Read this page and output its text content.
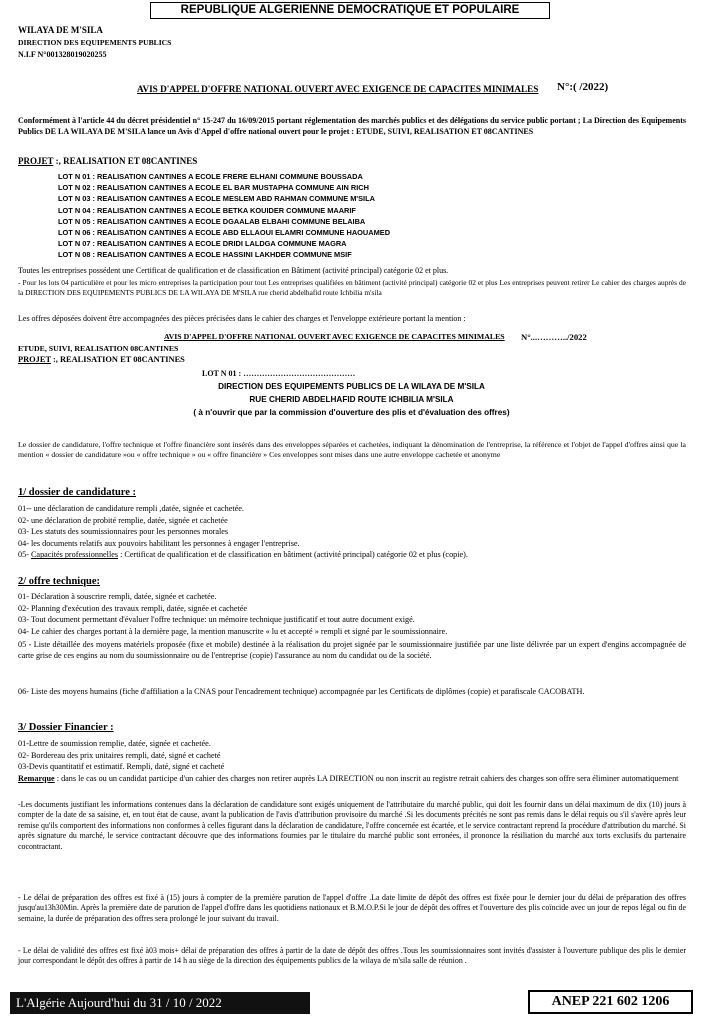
REPUBLIQUE ALGERIENNE DEMOCRATIQUE ET POPULAIRE
WILAYA DE M'SILA
DIRECTION DES EQUIPEMENTS PUBLICS
N.I.F N°001328019020255
AVIS D'APPEL D'OFFRE NATIONAL OUVERT AVEC EXIGENCE DE CAPACITES MINIMALES N°:( /2022)
Conformément à l'article 44 du décret présidentiel n° 15-247 du 16/09/2015 portant réglementation des marchés publics et des délégations du service public portant ; La Direction des Equipements Publics DE LA WILAYA DE M'SILA lance un Avis d'Appel d'offre national ouvert pour le projet : ETUDE, SUIVI, REALISATION ET 08CANTINES
PROJET :, REALISATION ET 08CANTINES
LOT N 01 : REALISATION CANTINES A ECOLE FRERE ELHANI COMMUNE BOUSSADA
LOT N 02 : REALISATION CANTINES A ECOLE EL BAR MUSTAPHA COMMUNE AIN RICH
LOT N 03 : REALISATION CANTINES A ECOLE MESLEM ABD RAHMAN COMMUNE M'SILA
LOT N 04 : REALISATION CANTINES A ECOLE BETKA KOUIDER COMMUNE MAARIF
LOT N 05 : REALISATION CANTINES A ECOLE DGAALAB ELBAHI COMMUNE BELAIBA
LOT N 06 : REALISATION CANTINES A ECOLE ABD ELLAOUI ELAMRI COMMUNE HAOUAMED
LOT N 07 : REALISATION CANTINES A ECOLE DRIDI LALDGA COMMUNE MAGRA
LOT N 08 : REALISATION CANTINES A ECOLE HASSINI LAKHDER COMMUNE MSIF
Toutes les entreprises possédent une Certificat de qualification et de classification en Bâtiment (activité principal) catégorie 02 et plus.
- Pour les lots 04 particulière et pour les micro entreprises la participation pour tout Les entreprises qualifiées en bâtiment (activité principal) catégorie 02 et plus Les entreprises peuvent retirer Le cahier des charges auprès de la DIRECTION DES EQUIPEMENTS PUBLICS DE LA WILAYA DE M'SILA rue cherid abdelhafid route Ichbilia m'sila
Les offres déposées doivent être accompagnées des pièces précisées dans le cahier des charges et l'enveloppe extérieure portant la mention :
AVIS D'APPEL D'OFFRE NATIONAL OUVERT AVEC EXIGENCE DE CAPACITES MINIMALES N°...………../2022
ETUDE, SUIVI, REALISATION 08CANTINES
PROJET :, REALISATION ET 08CANTINES
LOT N 01 : ……………………………………
DIRECTION DES EQUIPEMENTS PUBLICS DE LA WILAYA DE M'SILA
RUE CHERID ABDELHAFID ROUTE ICHBILIA M'SILA
( à n'ouvrir que par la commission d'ouverture des plis et d'évaluation des offres)
Le dossier de candidature, l'offre technique et l'offre financière sont insérés dans des enveloppes séparées et cachetées, indiquant la dénomination de l'entreprise, la référence et l'objet de l'appel d'offres ainsi que la mention « dossier de candidature »ou « offre technique » ou « offre financière » Ces enveloppes sont mises dans une autre enveloppe cachetée et anonyme
1/ dossier de candidature :
01-- une déclaration de candidature rempli ,datée, signée et cachetée.
02- une déclaration de probité remplie, datée, signée et cachetée
03- Les statuts des soumissionnaires pour les personnes morales
04- les documents relatifs aux pouvoirs habilitant les personnes à engager l'entreprise.
05- Capacités professionnelles : Certificat de qualification et de classification en bâtiment (activité principal) catégorie 02 et plus (copie).
2/ offre technique:
01- Déclaration à souscrire rempli, datée, signée et cachetée.
02- Planning d'exécution des travaux rempli, datée, signée et cachetée
03- Tout document permettant d'évaluer l'offre technique: un mémoire technique justificatif et tout autre document exigé.
04- Le cahier des charges portant à la dernière page, la mention manuscrite « lu et accepté » rempli et signé par le soumissionnaire.
05 - Liste détaillée des moyens matériels proposée (fixe et mobile) destinée à la réalisation du projet signée par le soumissionnaire justifiée par une liste délivrée par un expert d'engins accompagnée de carte grise de ces engins au nom du soumissionnaire ou de l'entreprise (copie) l'assurance au nom du candidat ou de la société.
06- Liste des moyens humains (fiche d'affiliation a la CNAS pour l'encadrement technique) accompagnée par les Certificats de diplômes (copie) et parafiscale CACOBATH.
3/ Dossier Financier :
01-Lettre de soumission remplie, datée, signée et cachetée.
02- Bordereau des prix unitaires rempli, daté, signé et cacheté
03-Devis quantitatif et estimatif. Rempli, daté, signé et cacheté
Remarque : dans le cas ou un candidat participe d'un cahier des charges non retirer auprès LA DIRECTION ou non inscrit au registre retrait cahiers des charges son offre sera éliminer automatiquement
-Les documents justifiant les informations contenues dans la déclaration de candidature sont exigés uniquement de l'attributaire du marché public, qui doit les fournir dans un délai maximum de dix (10) jours à compter de la date de sa saisine, et, en tout état de cause, avant la publication de l'avis d'attribution provisoire du marché .Si les documents précités ne sont pas remis dans le délai requis ou s'il s'avère après leur remise qu'ils comportent des informations non conformes à celles figurant dans la déclaration de candidature, l'offre concernée est écartée, et le service contractant reprend la procédure d'attribution du marché. Si après signature du marché, le service contractant découvre que des informations fournies par le titulaire du marché public sont erronées, il prononce la résiliation du marché aux torts exclusifs du partenaire cocontractant.
- Le délai de préparation des offres est fixé à (15) jours à compter de la première parution de l'appel d'offre .La date limite de dépôt des offres est fixée pour le dernier jour du délai de préparation des offres jusqu'au13h30Min. Après la première date de parution de l'appel d'offre dans les quotidiens nationaux et B.M.O.P.Si le jour de dépôt des offres et l'ouverture des plis coïncide avec un jour de repos légal ou fin de semaine, la durée de préparation des offres sera prolongé le jour suivant du travail.
- Le délai de validité des offres est fixé à03 mois+ délai de préparation des offres à partir de la date de dépôt des offres .Tous les soumissionnaires sont invités d'assister à l'ouverture publique des plis le dernier jour correspondant le dépôt des offres à partir de 14 h au siège de la direction des équipements publics de la wilaya de m'sila salle de réunion .
L'Algérie Aujourd'hui du 31 / 10 / 2022	ANEP 221 602 1206
